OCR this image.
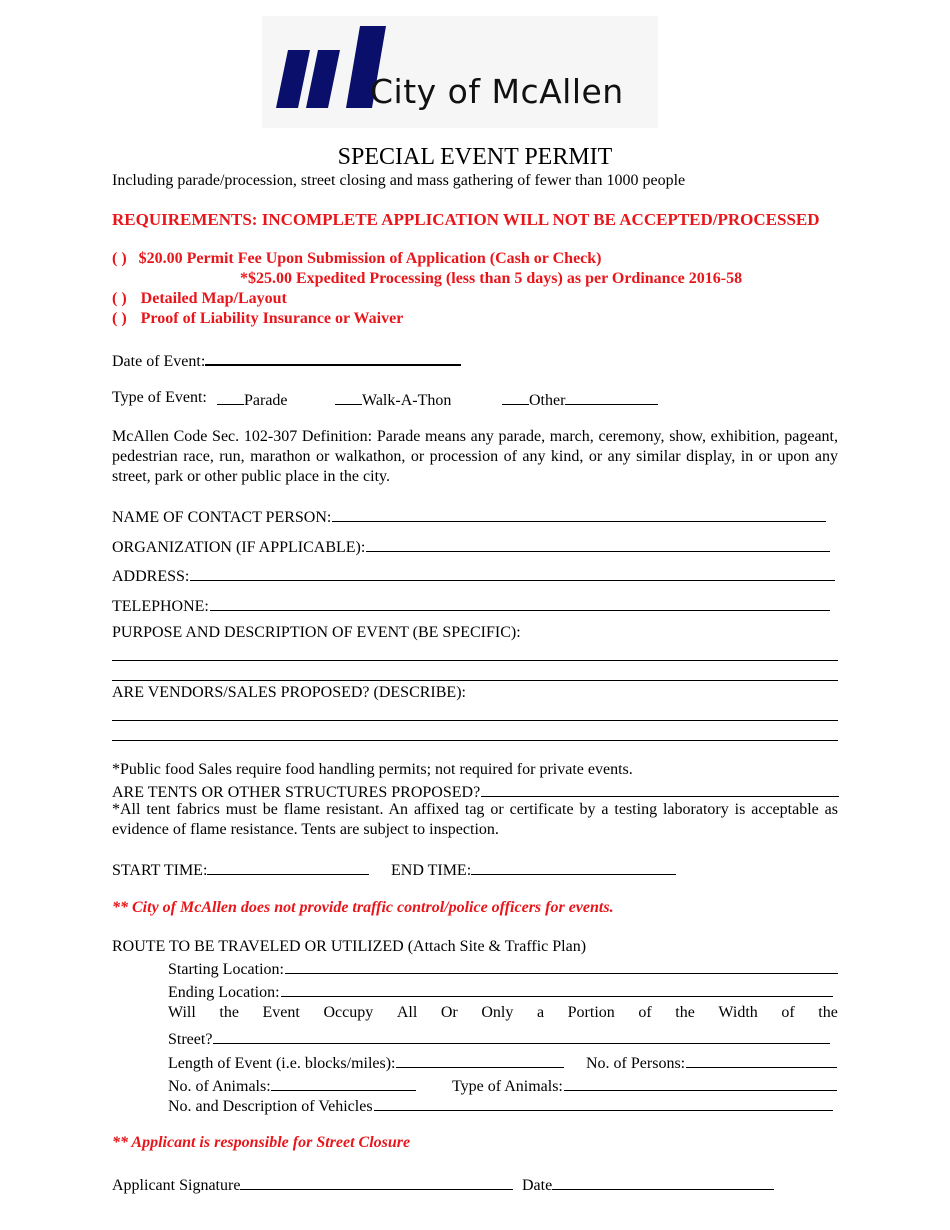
City of McAllen
SPECIAL EVENT PERMIT
Including parade/procession, street closing and mass gathering of fewer than 1000 people
REQUIREMENTS: INCOMPLETE APPLICATION WILL NOT BE ACCEPTED/PROCESSED
( ) $20.00 Permit Fee Upon Submission of Application (Cash or Check)
*$25.00 Expedited Processing (less than 5 days) as per Ordinance 2016-58
( ) Detailed Map/Layout
( ) Proof of Liability Insurance or Waiver
Date of Event:
Type of Event:	Parade	Walk-A-Thon	Other
McAllen Code Sec. 102-307 Definition: Parade means any parade, march, ceremony, show, exhibition, pageant, pedestrian race, run, marathon or walkathon, or procession of any kind, or any similar display, in or upon any street, park or other public place in the city.
NAME OF CONTACT PERSON:
ORGANIZATION (IF APPLICABLE):
ADDRESS:
TELEPHONE:
PURPOSE AND DESCRIPTION OF EVENT (BE SPECIFIC):
ARE VENDORS/SALES PROPOSED? (DESCRIBE):
*Public food Sales require food handling permits; not required for private events.
ARE TENTS OR OTHER STRUCTURES PROPOSED?
*All tent fabrics must be flame resistant. An affixed tag or certificate by a testing laboratory is acceptable as evidence of flame resistance. Tents are subject to inspection.
START TIME:	END TIME:
** City of McAllen does not provide traffic control/police officers for events.
ROUTE TO BE TRAVELED OR UTILIZED (Attach Site & Traffic Plan)
Starting Location:
Ending Location:
Will the Event Occupy All Or Only a Portion of the Width of the
Street?
Length of Event (i.e. blocks/miles):	No. of Persons:
No. of Animals:	Type of Animals:
No. and Description of Vehicles
** Applicant is responsible for Street Closure
Applicant Signature	Date
